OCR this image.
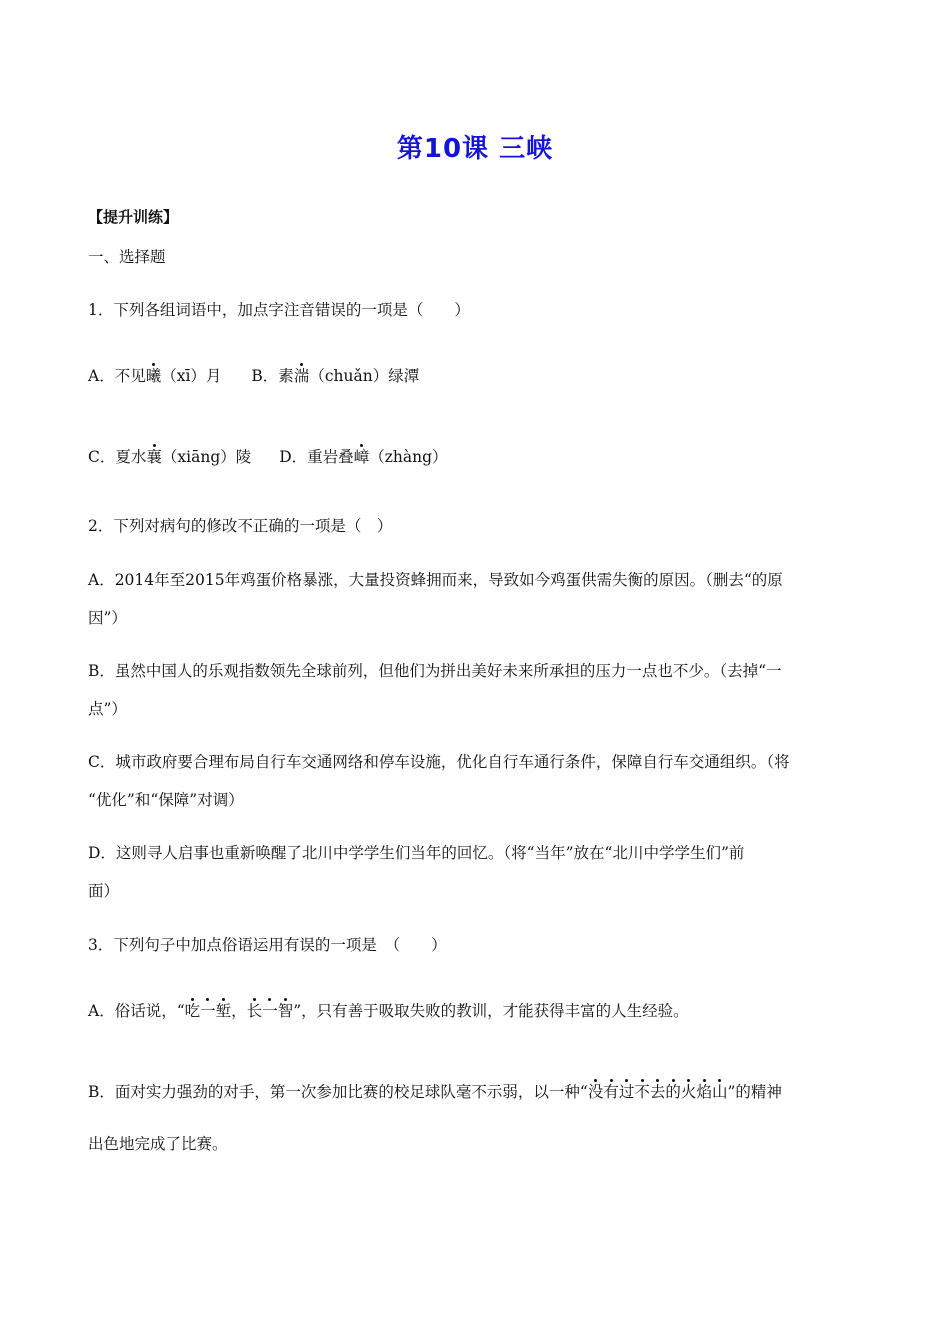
第10课 三峡
【提升训练】
一、选择题
1．下列各组词语中，加点字注音错误的一项是（　　）
A．不见曦（xī）月 B．素湍（chuǎn）绿潭
C．夏水襄（xiāng）陵 D．重岩叠嶂（zhàng）
2．下列对病句的修改不正确的一项是（　）
A．2014年至2015年鸡蛋价格暴涨，大量投资蜂拥而来，导致如今鸡蛋供需失衡的原因。（删去“的原
因”）
B．虽然中国人的乐观指数领先全球前列，但他们为拼出美好未来所承担的压力一点也不少。（去掉“一
点”）
C．城市政府要合理布局自行车交通网络和停车设施，优化自行车通行条件，保障自行车交通组织。（将
“优化”和“保障”对调）
D．这则寻人启事也重新唤醒了北川中学学生们当年的回忆。（将“当年”放在“北川中学学生们”前
面）
3．下列句子中加点俗语运用有误的一项是　（　　）
A．俗话说，“吃一堑，长一智”，只有善于吸取失败的教训，才能获得丰富的人生经验。
B．面对实力强劲的对手，第一次参加比赛的校足球队毫不示弱，以一种“没有过不去的火焰山”的精神
出色地完成了比赛。
